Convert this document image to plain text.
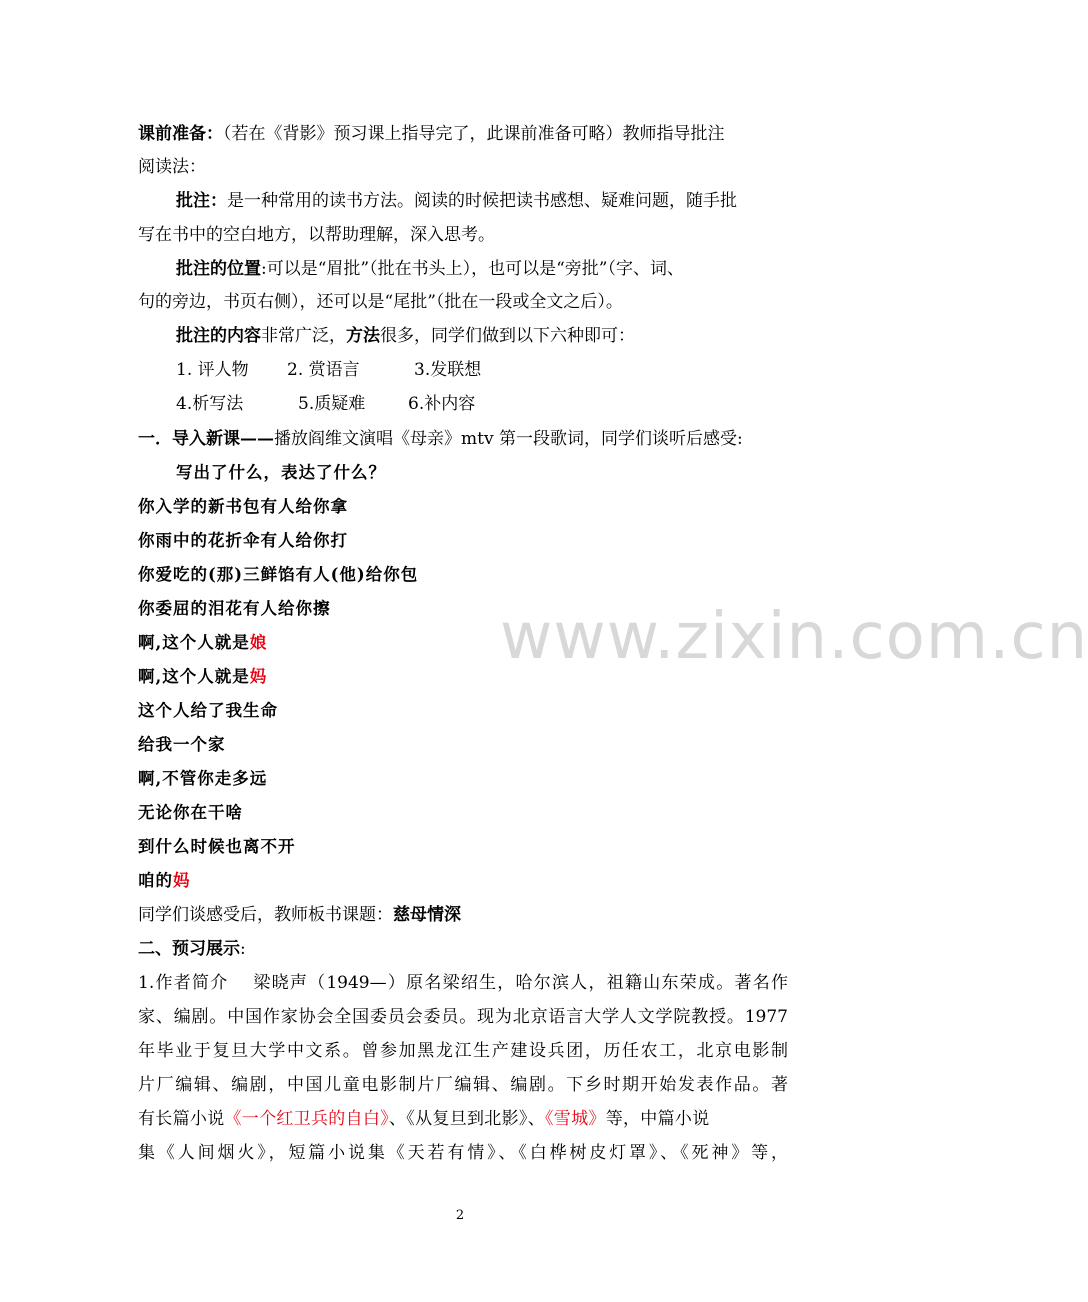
课前准备：（若在《背影》预习课上指导完了，此课前准备可略）教师指导批注
阅读法：
批注：是一种常用的读书方法。阅读的时候把读书感想、疑难问题，随手批
写在书中的空白地方，以帮助理解，深入思考。
批注的位置:可以是“眉批”（批在书头上），也可以是“旁批”（字、词、
句的旁边，书页右侧），还可以是“尾批”（批在一段或全文之后）。
批注的内容非常广泛，方法很多，同学们做到以下六种即可：
1. 评人物 2. 赏语言	3.发联想
4.析写法	5.质疑难	6.补内容
一．导入新课——播放阎维文演唱《母亲》mtv 第一段歌词，同学们谈听后感受:
写出了什么，表达了什么？
你入学的新书包有人给你拿
你雨中的花折伞有人给你打
你爱吃的(那)三鲜馅有人(他)给你包
你委屈的泪花有人给你擦
啊,这个人就是娘
啊,这个人就是妈
这个人给了我生命
给我一个家
啊,不管你走多远
无论你在干啥
到什么时候也离不开
咱的妈
同学们谈感受后，教师板书课题：慈母情深
二、预习展示:
1.作者简介　 梁晓声（1949—）原名梁绍生，哈尔滨人，祖籍山东荣成。著名作
家、编剧。中国作家协会全国委员会委员。现为北京语言大学人文学院教授。1977
年毕业于复旦大学中文系。曾参加黑龙江生产建设兵团，历任农工，北京电影制
片厂编辑、编剧，中国儿童电影制片厂编辑、编剧。下乡时期开始发表作品。著
有长篇小说《一个红卫兵的自白》、《从复旦到北影》、《雪城》等，中篇小说
集《人间烟火》，短篇小说集《天若有情》、《白桦树皮灯罩》、《死神》等，
www.zixin.com.cn
2
